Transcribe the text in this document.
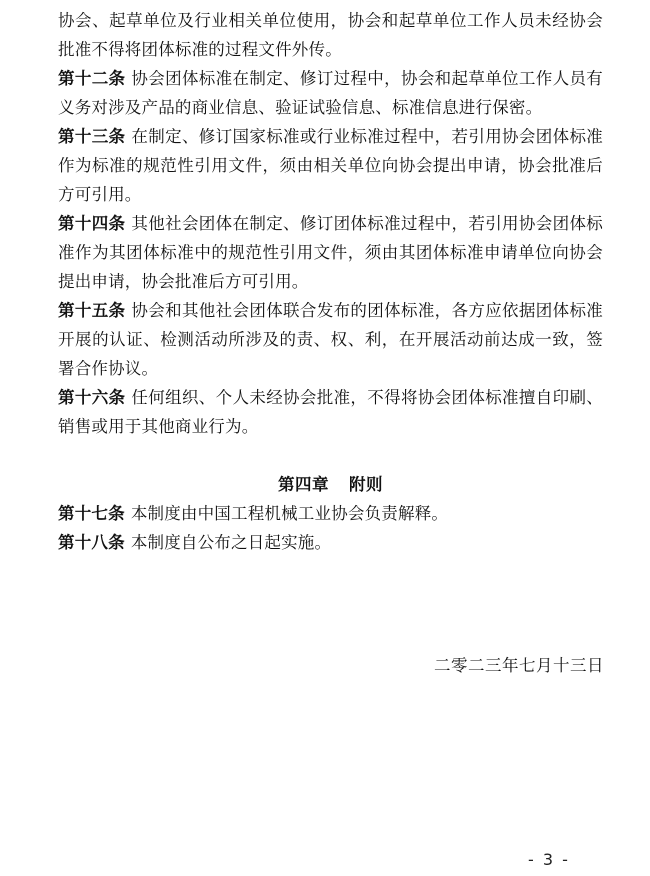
协会、起草单位及行业相关单位使用，协会和起草单位工作人员未经协会批准不得将团体标准的过程文件外传。

第十二条 协会团体标准在制定、修订过程中，协会和起草单位工作人员有义务对涉及产品的商业信息、验证试验信息、标准信息进行保密。

第十三条 在制定、修订国家标准或行业标准过程中，若引用协会团体标准作为标准的规范性引用文件，须由相关单位向协会提出申请，协会批准后方可引用。

第十四条 其他社会团体在制定、修订团体标准过程中，若引用协会团体标准作为其团体标准中的规范性引用文件，须由其团体标准申请单位向协会提出申请，协会批准后方可引用。

第十五条 协会和其他社会团体联合发布的团体标准，各方应依据团体标准开展的认证、检测活动所涉及的责、权、利，在开展活动前达成一致，签署合作协议。

第十六条 任何组织、个人未经协会批准，不得将协会团体标准擅自印刷、销售或用于其他商业行为。

第四章 附则

第十七条 本制度由中国工程机械工业协会负责解释。

第十八条 本制度自公布之日起实施。

二零二三年七月十三日
- 3 -
